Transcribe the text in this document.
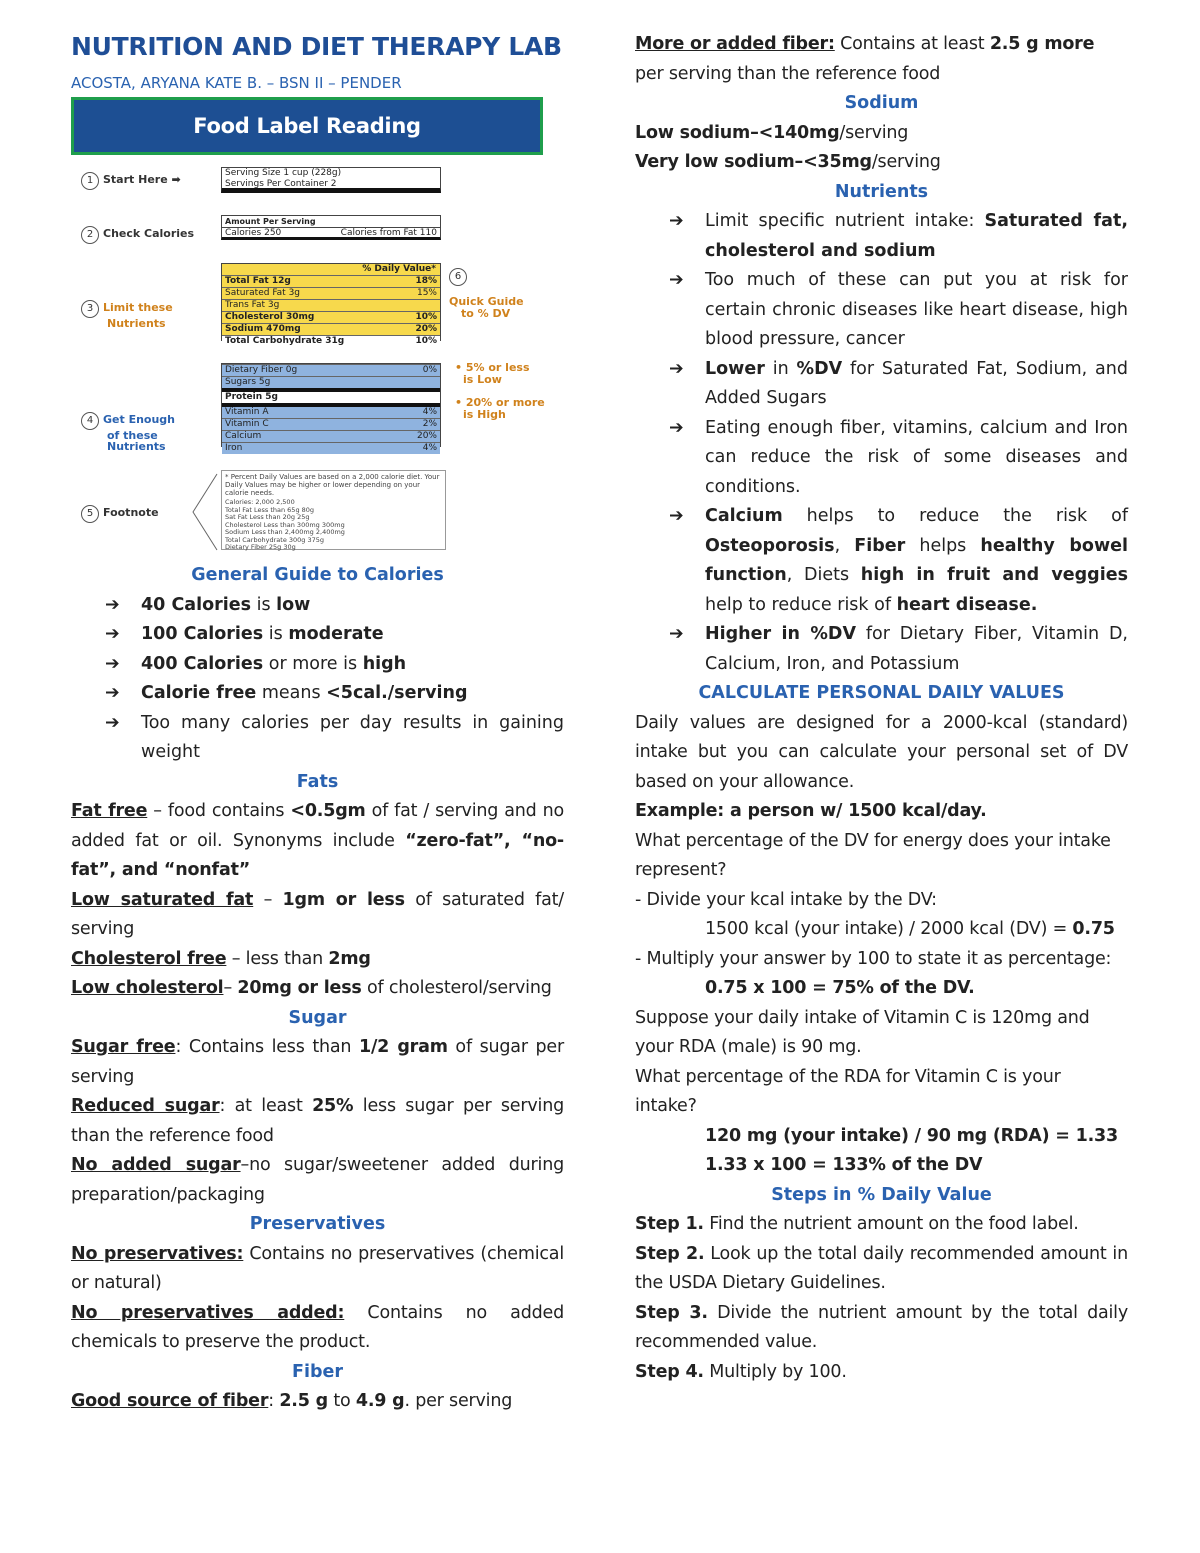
NUTRITION AND DIET THERAPY LAB
ACOSTA, ARYANA KATE B. – BSN II – PENDER
Food Label Reading
1 Start Here ➡
2 Check Calories
3 Limit these
Nutrients
4 Get Enough
of these
Nutrients
5 Footnote
6
Quick Guide
to % DV
• 5% or less
is Low
• 20% or more
is High
Serving Size 1 cup (228g)
Servings Per Container 2
Amount Per Serving
Calories 250	Calories from Fat 110
% Daily Value*
Total Fat 12g	18%
Saturated Fat 3g	15%
Trans Fat 3g
Cholesterol 30mg	10%
Sodium 470mg	20%
Total Carbohydrate 31g	10%
Dietary Fiber 0g	0%
Sugars 5g
Protein 5g
Vitamin A	4%
Vitamin C	2%
Calcium	20%
Iron	4%
* Percent Daily Values are based on a 2,000 calorie diet. Your Daily Values may be higher or lower depending on your calorie needs.
Calories: 2,000 2,500
Total Fat Less than 65g 80g
Sat Fat Less than 20g 25g
Cholesterol Less than 300mg 300mg
Sodium Less than 2,400mg 2,400mg
Total Carbohydrate 300g 375g
Dietary Fiber 25g 30g

General Guide to Calories

➔ 40 Calories is low
➔ 100 Calories is moderate
➔ 400 Calories or more is high
➔ Calorie free means <5cal./serving
➔ Too many calories per day results in gaining weight

Fats

Fat free – food contains <0.5gm of fat / serving and no added fat or oil. Synonyms include “zero-fat”, “no-fat”, and “nonfat”

Low saturated fat – 1gm or less of saturated fat/ serving

Cholesterol free – less than 2mg

Low cholesterol– 20mg or less of cholesterol/serving

Sugar

Sugar free: Contains less than 1/2 gram of sugar per serving

Reduced sugar: at least 25% less sugar per serving than the reference food

No added sugar–no sugar/sweetener added during preparation/packaging

Preservatives

No preservatives: Contains no preservatives (chemical or natural)

No preservatives added: Contains no added chemicals to preserve the product.

Fiber

Good source of fiber: 2.5 g to 4.9 g. per serving

More or added fiber: Contains at least 2.5 g more per serving than the reference food

Sodium

Low sodium–<140mg/serving

Very low sodium–<35mg/serving

Nutrients

➔ Limit specific nutrient intake: Saturated fat, cholesterol and sodium
➔ Too much of these can put you at risk for certain chronic diseases like heart disease, high blood pressure, cancer
➔ Lower in %DV for Saturated Fat, Sodium, and Added Sugars
➔ Eating enough fiber, vitamins, calcium and Iron can reduce the risk of some diseases and conditions.
➔ Calcium helps to reduce the risk of Osteoporosis, Fiber helps healthy bowel function, Diets high in fruit and veggies help to reduce risk of heart disease.
➔ Higher in %DV for Dietary Fiber, Vitamin D, Calcium, Iron, and Potassium

CALCULATE PERSONAL DAILY VALUES

Daily values are designed for a 2000-kcal (standard) intake but you can calculate your personal set of DV based on your allowance.

Example: a person w/ 1500 kcal/day.

What percentage of the DV for energy does your intake represent?

- Divide your kcal intake by the DV:

1500 kcal (your intake) / 2000 kcal (DV) = 0.75

- Multiply your answer by 100 to state it as percentage:

0.75 x 100 = 75% of the DV.

Suppose your daily intake of Vitamin C is 120mg and your RDA (male) is 90 mg.

What percentage of the RDA for Vitamin C is your intake?

120 mg (your intake) / 90 mg (RDA) = 1.33

1.33 x 100 = 133% of the DV

Steps in % Daily Value

Step 1. Find the nutrient amount on the food label.

Step 2. Look up the total daily recommended amount in the USDA Dietary Guidelines.

Step 3. Divide the nutrient amount by the total daily recommended value.

Step 4. Multiply by 100.
